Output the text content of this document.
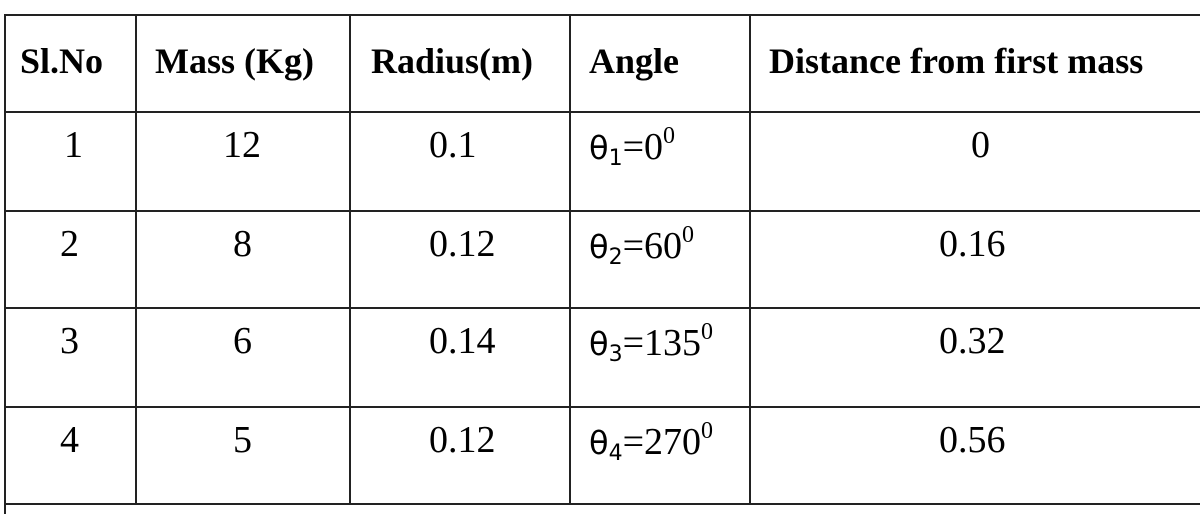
Sl.No	Mass (Kg)	Radius(m)	Angle	Distance from first mass
1	12	0.1	$\theta_1=0^0$	0
2	8	0.12	$\theta_2=60^0$	0.16
3	6	0.14	$\theta_3=135^0$	0.32
4	5	0.12	$\theta_4=270^0$	0.56
